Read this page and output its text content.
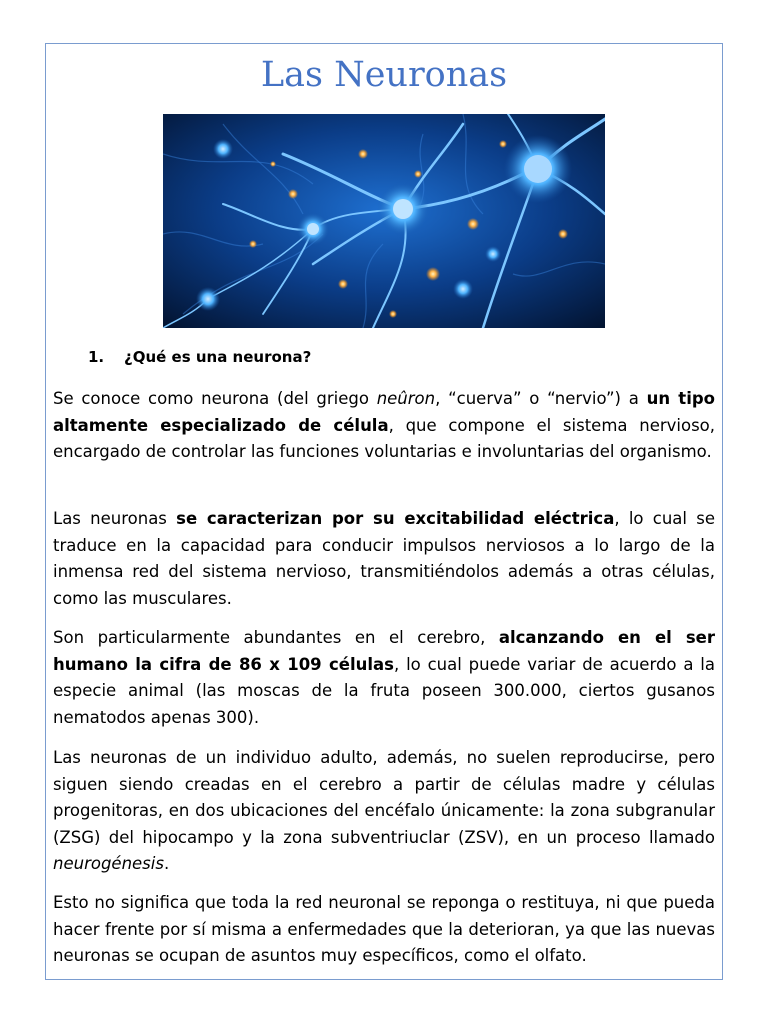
Las Neuronas
1. ¿Qué es una neurona?

Se conoce como neurona (del griego neûron, “cuerva” o “nervio”) a un tipo altamente especializado de célula, que compone el sistema nervioso, encargado de controlar las funciones voluntarias e involuntarias del organismo.

Las neuronas se caracterizan por su excitabilidad eléctrica, lo cual se traduce en la capacidad para conducir impulsos nerviosos a lo largo de la inmensa red del sistema nervioso, transmitiéndolos además a otras células, como las musculares.

Son particularmente abundantes en el cerebro, alcanzando en el ser humano la cifra de 86 x 109 células, lo cual puede variar de acuerdo a la especie animal (las moscas de la fruta poseen 300.000, ciertos gusanos nematodos apenas 300).

Las neuronas de un individuo adulto, además, no suelen reproducirse, pero siguen siendo creadas en el cerebro a partir de células madre y células progenitoras, en dos ubicaciones del encéfalo únicamente: la zona subgranular (ZSG) del hipocampo y la zona subventriuclar (ZSV), en un proceso llamado neurogénesis.

Esto no significa que toda la red neuronal se reponga o restituya, ni que pueda hacer frente por sí misma a enfermedades que la deterioran, ya que las nuevas neuronas se ocupan de asuntos muy específicos, como el olfato.
